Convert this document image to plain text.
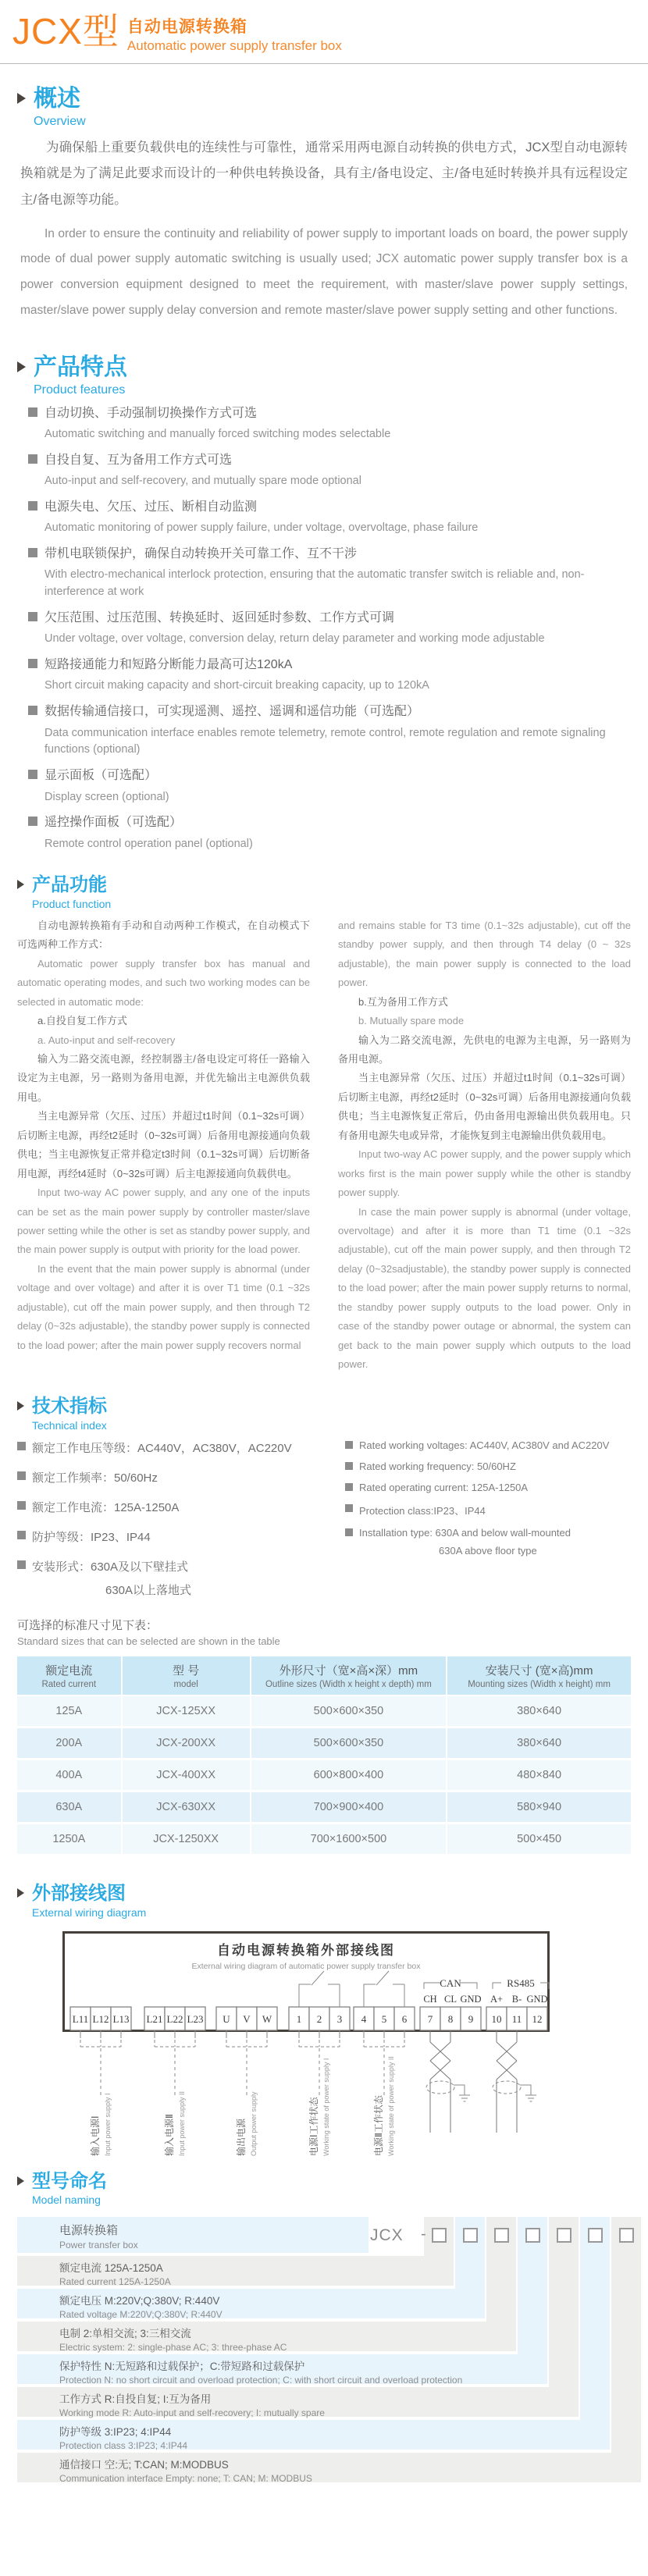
JCX型 自动电源转换箱
Automatic power supply transfer box
概述
Overview

为确保船上重要负载供电的连续性与可靠性，通常采用两电源自动转换的供电方式，JCX型自动电源转换箱就是为了满足此要求而设计的一种供电转换设备，具有主/备电设定、主/备电延时转换并具有远程设定主/备电源等功能。

In order to ensure the continuity and reliability of power supply to important loads on board, the power supply mode of dual power supply automatic switching is usually used; JCX automatic power supply transfer box is a power conversion equipment designed to meet the requirement, with master/slave power supply settings, master/slave power supply delay conversion and remote master/slave power supply setting and other functions.

产品特点
Product features
自动切换、手动强制切换操作方式可选
Automatic switching and manually forced switching modes selectable
自投自复、互为备用工作方式可选
Auto-input and self-recovery, and mutually spare mode optional
电源失电、欠压、过压、断相自动监测
Automatic monitoring of power supply failure, under voltage, overvoltage, phase failure
带机电联锁保护，确保自动转换开关可靠工作、互不干涉
With electro-mechanical interlock protection, ensuring that the automatic transfer switch is reliable and, non-interference at work
欠压范围、过压范围、转换延时、返回延时参数、工作方式可调
Under voltage, over voltage, conversion delay, return delay parameter and working mode adjustable
短路接通能力和短路分断能力最高可达120kA
Short circuit making capacity and short-circuit breaking capacity, up to 120kA
数据传输通信接口，可实现遥测、遥控、遥调和遥信功能（可选配）
Data communication interface enables remote telemetry, remote control, remote regulation and remote signaling functions (optional)
显示面板（可选配）
Display screen (optional)
遥控操作面板（可选配）
Remote control operation panel (optional)
产品功能
Product function

自动电源转换箱有手动和自动两种工作模式，在自动模式下可选两种工作方式：

Automatic power supply transfer box has manual and automatic operating modes, and such two working modes can be selected in automatic mode:

a.自投自复工作方式

a. Auto-input and self-recovery

输入为二路交流电源，经控制器主/备电设定可将任一路输入设定为主电源，另一路则为备用电源，并优先输出主电源供负载用电。

当主电源异常（欠压、过压）并超过t1时间（0.1~32s可调）后切断主电源，再经t2延时（0~32s可调）后备用电源接通向负载供电；当主电源恢复正常并稳定t3时间（0.1~32s可调）后切断备用电源，再经t4延时（0~32s可调）后主电源接通向负载供电。

Input two-way AC power supply, and any one of the inputs can be set as the main power supply by controller master/slave power setting while the other is set as standby power supply, and the main power supply is output with priority for the load power.

In the event that the main power supply is abnormal (under voltage and over voltage) and after it is over T1 time (0.1 ~32s adjustable), cut off the main power supply, and then through T2 delay (0~32s adjustable), the standby power supply is connected to the load power; after the main power supply recovers normal

and remains stable for T3 time (0.1~32s adjustable), cut off the standby power supply, and then through T4 delay (0 ~ 32s adjustable), the main power supply is connected to the load power.

b.互为备用工作方式

b. Mutually spare mode

输入为二路交流电源，先供电的电源为主电源，另一路则为备用电源。

当主电源异常（欠压、过压）并超过t1时间（0.1~32s可调）后切断主电源，再经t2延时（0~32s可调）后备用电源接通向负载供电；当主电源恢复正常后，仍由备用电源输出供负载用电。只有备用电源失电或异常，才能恢复到主电源输出供负载用电。

Input two-way AC power supply, and the power supply which works first is the main power supply while the other is standby power supply.

In case the main power supply is abnormal (under voltage, overvoltage) and after it is more than T1 time (0.1 ~32s adjustable), cut off the main power supply, and then through T2 delay (0~32sadjustable), the standby power supply is connected to the load power; after the main power supply returns to normal, the standby power supply outputs to the load power. Only in case of the standby power outage or abnormal, the system can get back to the main power supply which outputs to the load power.

技术指标
Technical index
额定工作电压等级：AC440V，AC380V，AC220V
额定工作频率：50/60Hz
额定工作电流：125A-1250A
防护等级：IP23、IP44
安装形式：630A及以下壁挂式
630A以上落地式
Rated working voltages: AC440V, AC380V and AC220V
Rated working frequency: 50/60HZ
Rated operating current: 125A-1250A
Protection class:IP23、IP44
Installation type: 630A and below wall-mounted
630A above floor type
可选择的标准尺寸见下表：
Standard sizes that can be selected are shown in the table
额定电流
Rated current

型 号
model

外形尺寸（宽×高×深）mm
Outline sizes (Width x height x depth) mm

安装尺寸 (宽×高)mm
Mounting sizes (Width x height) mm

125A	JCX-125XX	500×600×350	380×640
200A	JCX-200XX	500×600×350	380×640
400A	JCX-400XX	600×800×400	480×840
630A	JCX-630XX	700×900×400	580×940
1250A	JCX-1250XX	700×1600×500	500×450
外部接线图
External wiring diagram
自动电源转换箱外部接线图
External wiring diagram of automatic power supply transfer box
L11 L12 L13 L21 L22 L23 U V W 1 2 3 4 5 6 7 8 9 10 11 12
CH CL GND A+ B- GND
CAN	RS485
输入电源Ⅰ Input power supply I	输入电源Ⅱ Input power supply II	输出电源 Output power supply	电源Ⅰ工作状态 Working state of power supply I	电源Ⅱ工作状态 Working state of power supply II
型号命名
Model naming
电源转换箱
Power transfer box
额定电流 125A-1250A
Rated current 125A-1250A
额定电压 M:220V;Q:380V; R:440V
Rated voltage M:220V;Q:380V; R:440V
电制 2:单相交流; 3:三相交流
Electric system: 2: single-phase AC; 3: three-phase AC
保护特性 N:无短路和过载保护；C:带短路和过载保护
Protection N: no short circuit and overload protection; C: with short circuit and overload protection
工作方式 R:自投自复; I:互为备用
Working mode R: Auto-input and self-recovery; I: mutually spare
防护等级 3:IP23; 4:IP44
Protection class 3:IP23; 4:IP44
通信接口 空:无; T:CAN; M:MODBUS
Communication interface Empty: none; T: CAN; M: MODBUS
JCX -
